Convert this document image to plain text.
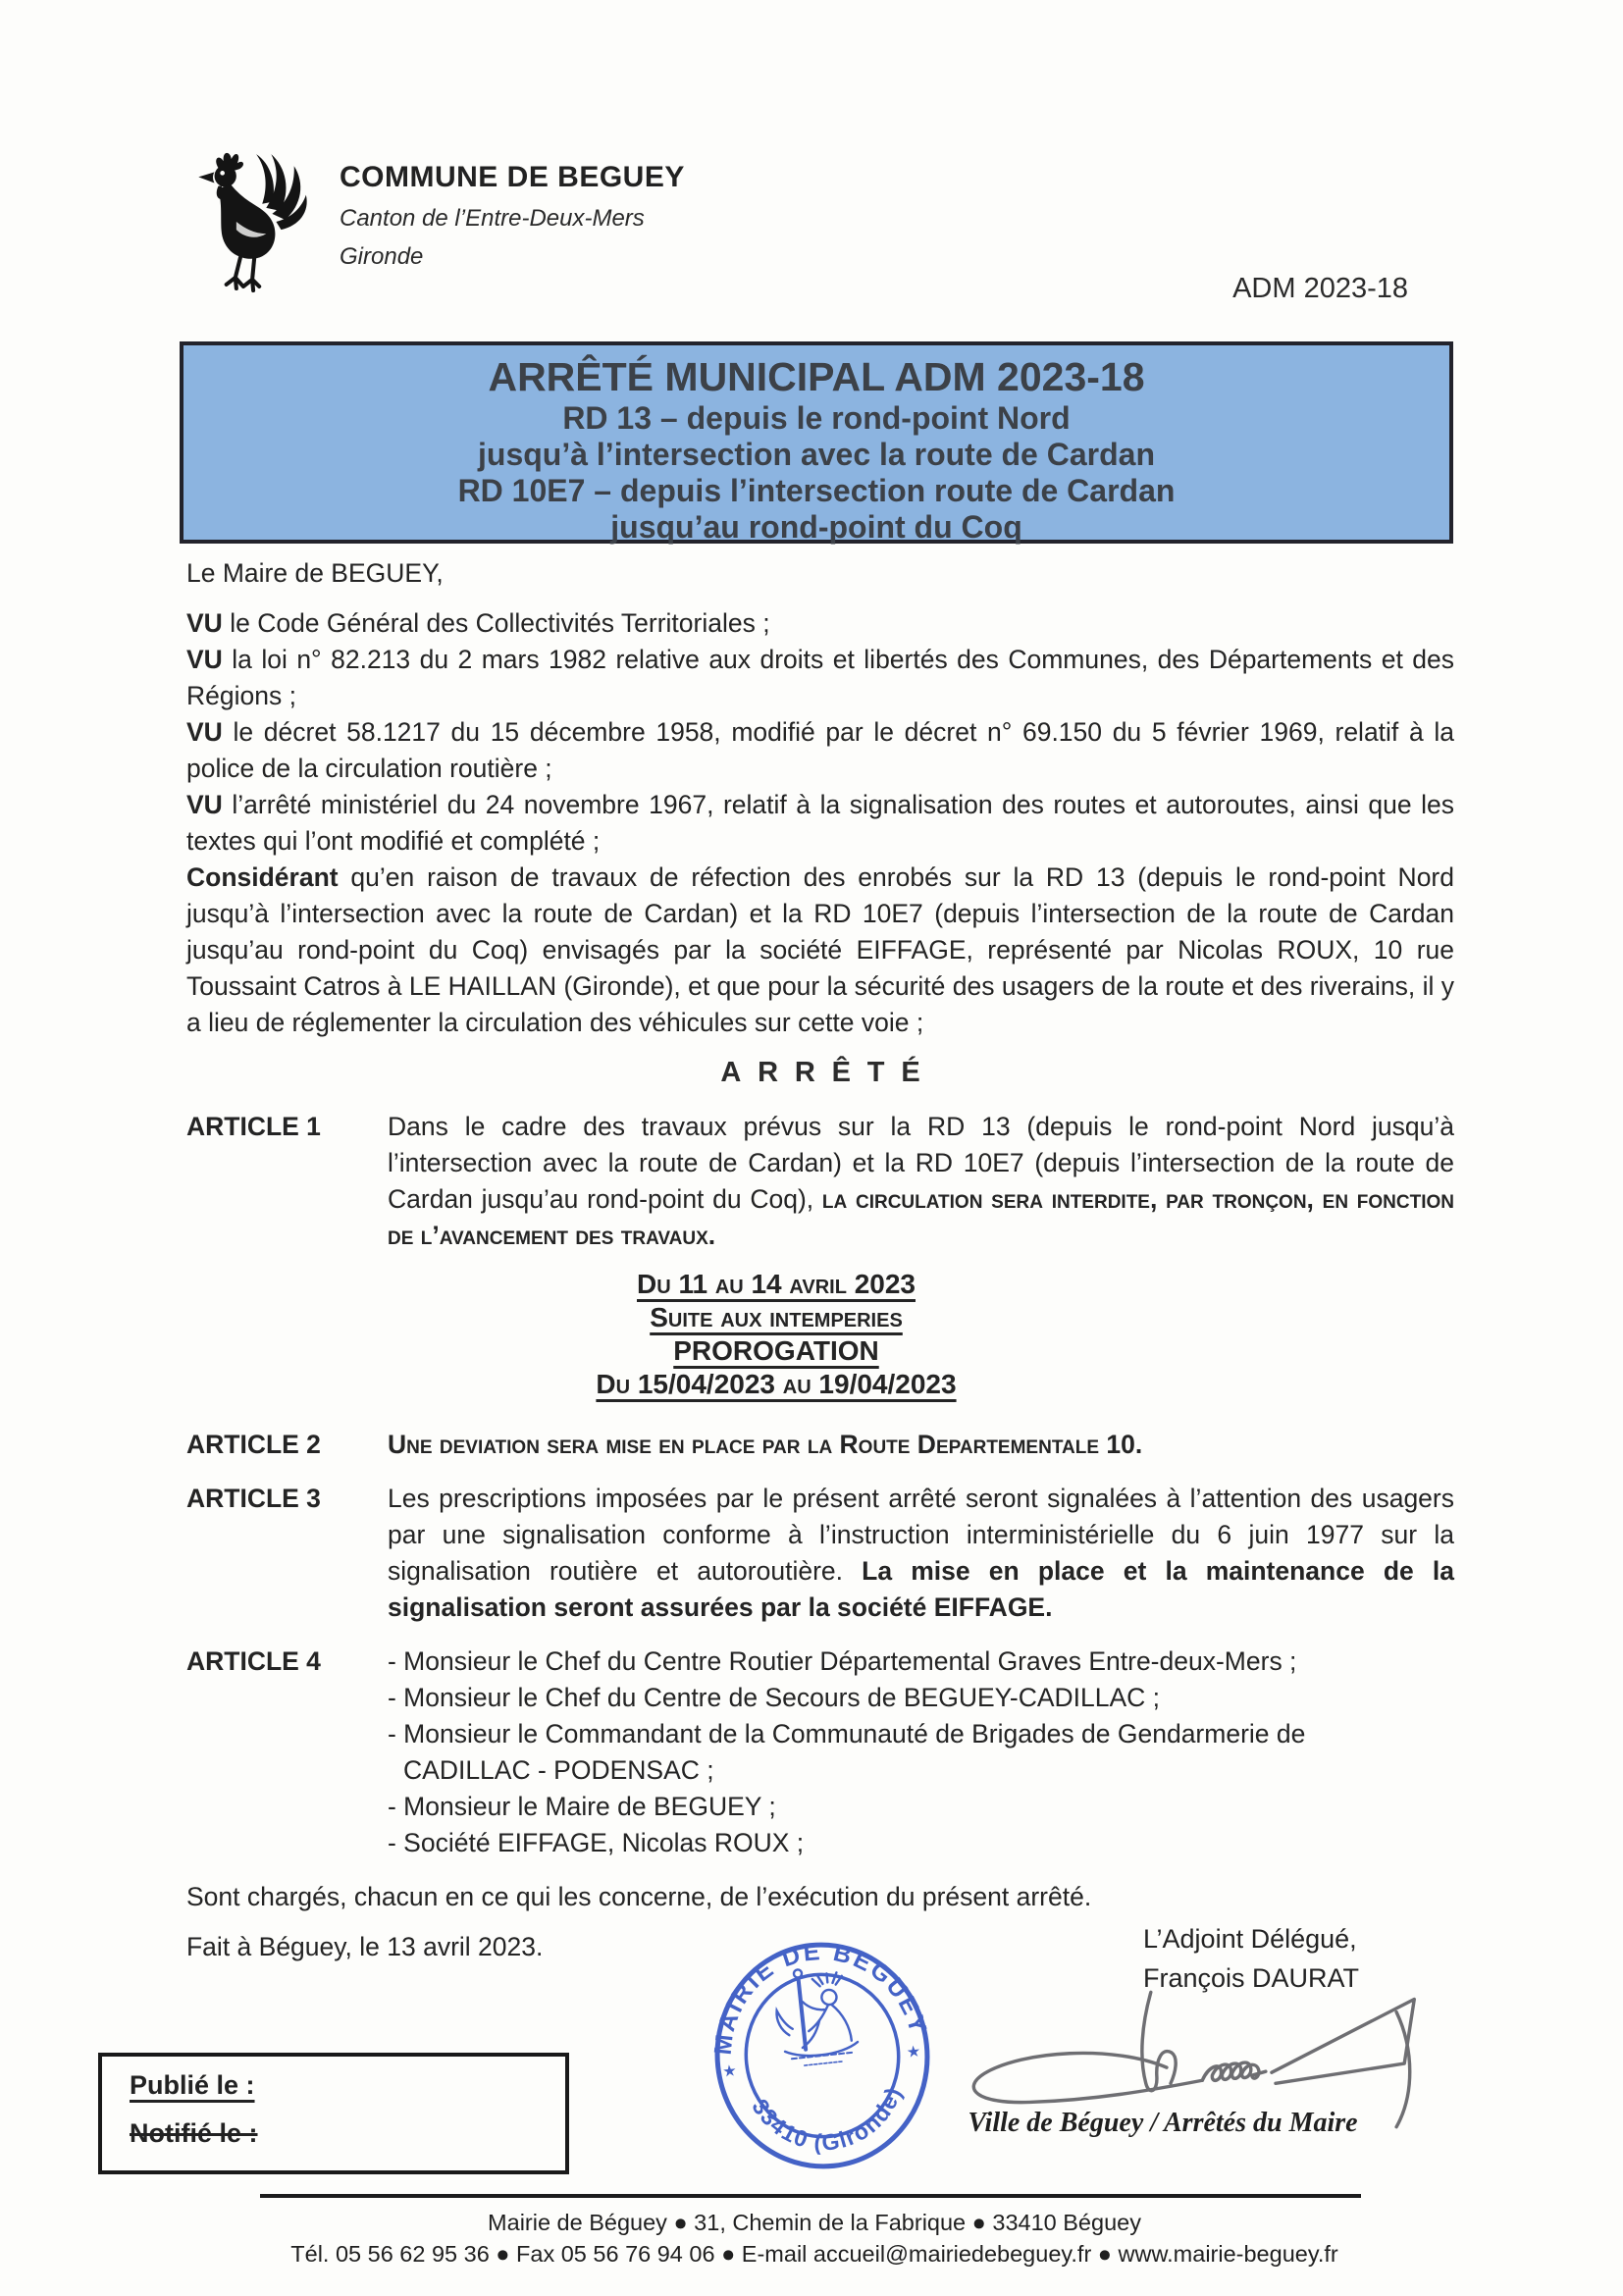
COMMUNE DE BEGUEY
Canton de l’Entre-Deux-Mers
Gironde
ADM 2023-18
ARRÊTÉ MUNICIPAL ADM 2023-18
RD 13 – depuis le rond-point Nord
jusqu’à l’intersection avec la route de Cardan
RD 10E7 – depuis l’intersection route de Cardan
jusqu’au rond-point du Coq

Le Maire de BEGUEY,

VU le Code Général des Collectivités Territoriales ;

VU la loi n° 82.213 du 2 mars 1982 relative aux droits et libertés des Communes, des Départements et des Régions ;

VU le décret 58.1217 du 15 décembre 1958, modifié par le décret n° 69.150 du 5 février 1969, relatif à la police de la circulation routière ;

VU l’arrêté ministériel du 24 novembre 1967, relatif à la signalisation des routes et autoroutes, ainsi que les textes qui l’ont modifié et complété ;

Considérant qu’en raison de travaux de réfection des enrobés sur la RD 13 (depuis le rond-point Nord jusqu’à l’intersection avec la route de Cardan) et la RD 10E7 (depuis l’intersection de la route de Cardan jusqu’au rond-point du Coq) envisagés par la société EIFFAGE, représenté par Nicolas ROUX, 10 rue Toussaint Catros à LE HAILLAN (Gironde), et que pour la sécurité des usagers de la route et des riverains, il y a lieu de réglementer la circulation des véhicules sur cette voie ;

ARRÊTÉ
ARTICLE 1	Dans le cadre des travaux prévus sur la RD 13 (depuis le rond-point Nord jusqu’à l’intersection avec la route de Cardan) et la RD 10E7 (depuis l’intersection de la route de Cardan jusqu’au rond-point du Coq), la circulation sera interdite, par tronçon, en fonction de l’avancement des travaux.
Du 11 au 14 avril 2023
Suite aux intemperies
PROROGATION
Du 15/04/2023 au 19/04/2023
ARTICLE 2	Une deviation sera mise en place par la Route Departementale 10.
ARTICLE 3	Les prescriptions imposées par le présent arrêté seront signalées à l’attention des usagers par une signalisation conforme à l’instruction interministérielle du 6 juin 1977 sur la signalisation routière et autoroutière. La mise en place et la maintenance de la signalisation seront assurées par la société EIFFAGE.
ARTICLE 4	- Monsieur le Chef du Centre Routier Départemental Graves Entre-deux-Mers ;
- Monsieur le Chef du Centre de Secours de BEGUEY-CADILLAC ;
- Monsieur le Commandant de la Communauté de Brigades de Gendarmerie de
CADILLAC - PODENSAC ;
- Monsieur le Maire de BEGUEY ;
- Société EIFFAGE, Nicolas ROUX ;

Sont chargés, chacun en ce qui les concerne, de l’exécution du présent arrêté.

Fait à Béguey, le 13 avril 2023.

MAIRIE DE BEGUEY
33410 (Gironde)
★
★
L’Adjoint Délégué,
François DAURAT
Ville de Béguey / Arrêtés du Maire
Publié le :
Notifié le :
Mairie de Béguey ● 31, Chemin de la Fabrique ● 33410 Béguey
Tél. 05 56 62 95 36 ● Fax 05 56 76 94 06 ● E-mail accueil@mairiedebeguey.fr ● www.mairie-beguey.fr
